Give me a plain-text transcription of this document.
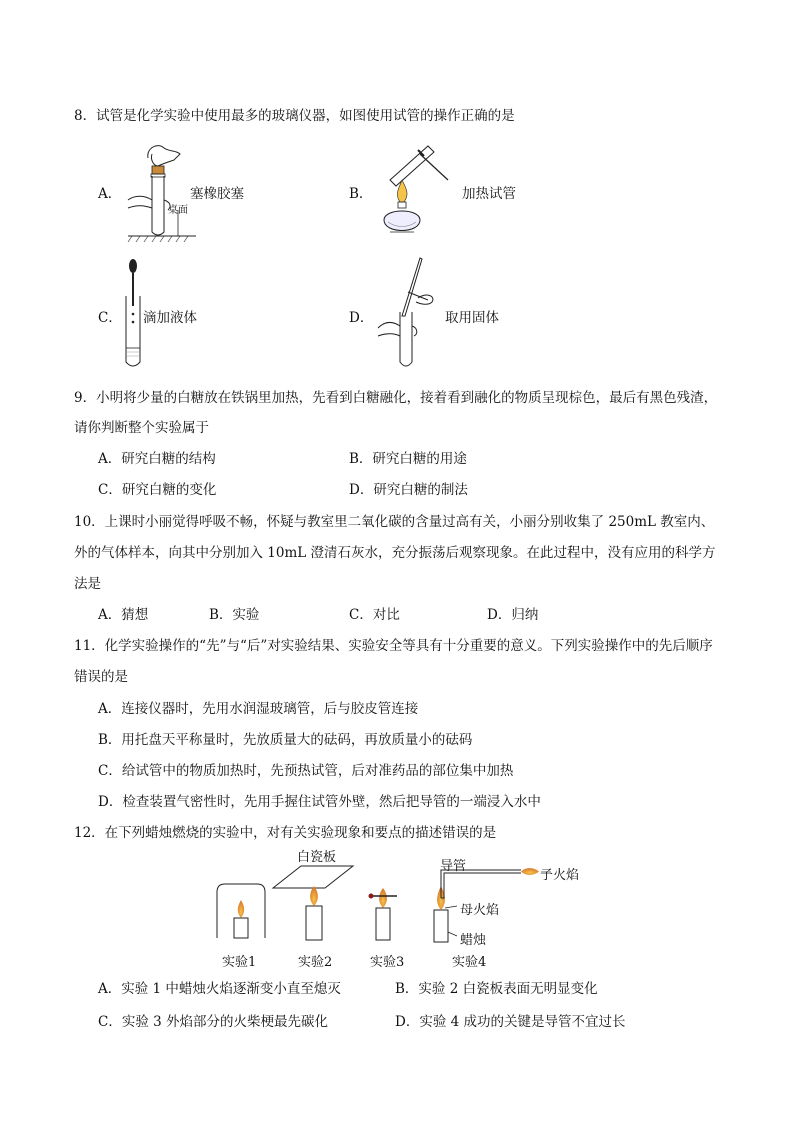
8．试管是化学实验中使用最多的玻璃仪器，如图使用试管的操作正确的是
A．
桌面
塞橡胶塞	B．	加热试管
C． 滴加液体	D．	取用固体
9．小明将少量的白糖放在铁锅里加热，先看到白糖融化，接着看到融化的物质呈现棕色，最后有黑色残渣，
请你判断整个实验属于
A．研究白糖的结构	B．研究白糖的用途
C．研究白糖的变化	D．研究白糖的制法
10．上课时小丽觉得呼吸不畅，怀疑与教室里二氧化碳的含量过高有关，小丽分别收集了 250mL 教室内、
外的气体样本，向其中分别加入 10mL 澄清石灰水，充分振荡后观察现象。在此过程中，没有应用的科学方
法是
A．猜想	B．实验	C．对比	D．归纳
11．化学实验操作的“先”与“后”对实验结果、实验安全等具有十分重要的意义。下列实验操作中的先后顺序
错误的是
A．连接仪器时，先用水润湿玻璃管，后与胶皮管连接
B．用托盘天平称量时，先放质量大的砝码，再放质量小的砝码
C．给试管中的物质加热时，先预热试管，后对准药品的部位集中加热
D．检查装置气密性时，先用手握住试管外壁，然后把导管的一端浸入水中
12．在下列蜡烛燃烧的实验中，对有关实验现象和要点的描述错误的是
白瓷板
导管
子火焰
母火焰
蜡烛
实验1	实验2	实验3	实验4
A．实验 1 中蜡烛火焰逐渐变小直至熄灭	B．实验 2 白瓷板表面无明显变化
C．实验 3 外焰部分的火柴梗最先碳化	D．实验 4 成功的关键是导管不宜过长
